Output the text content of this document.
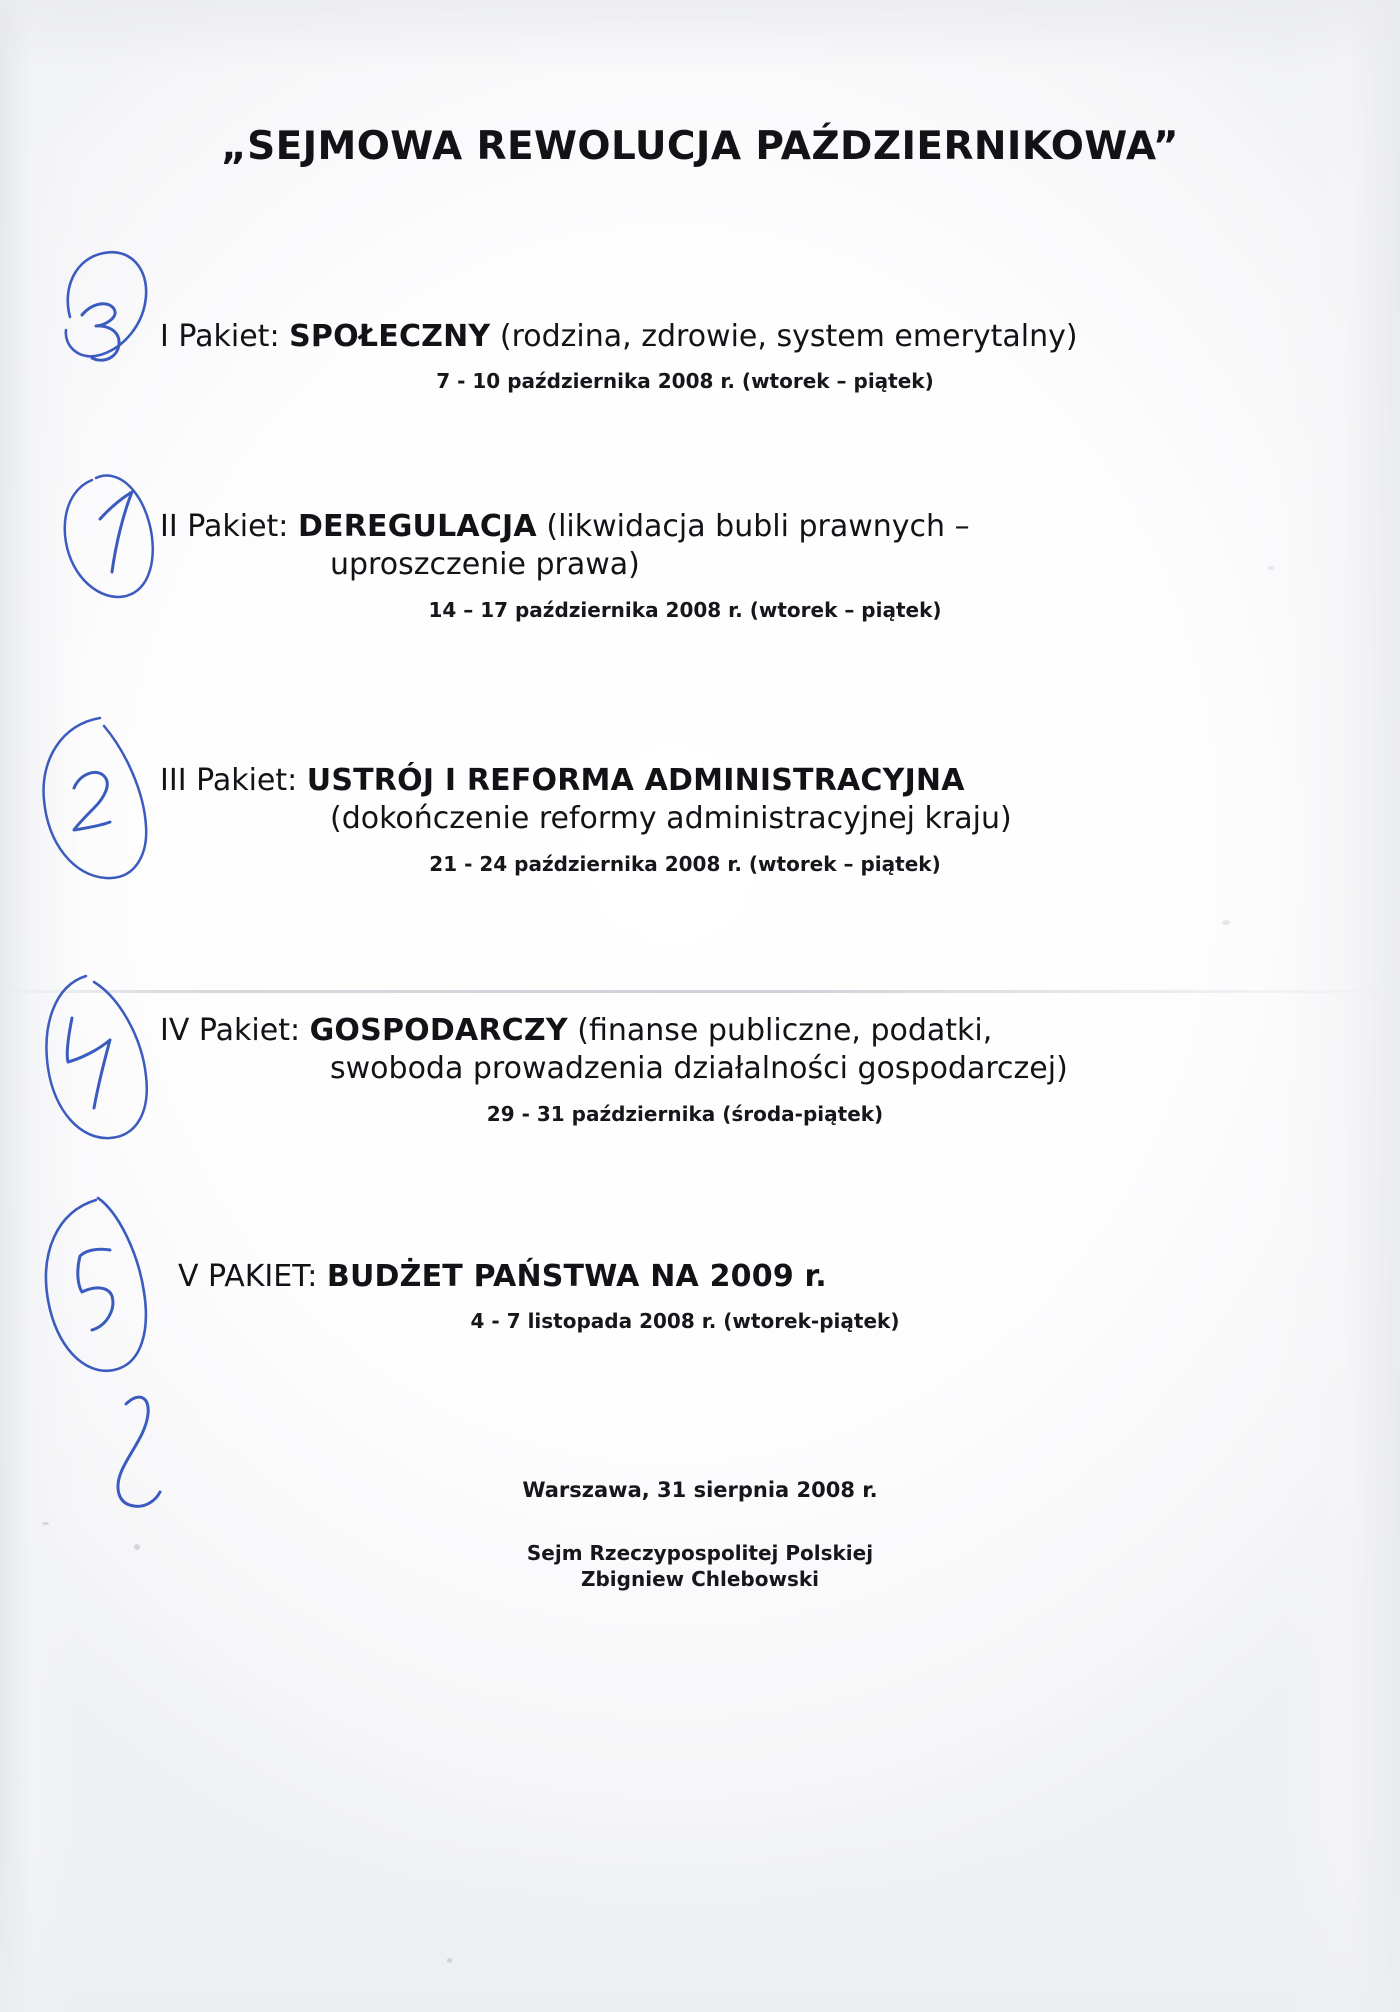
„SEJMOWA REWOLUCJA PAŹDZIERNIKOWA”
I Pakiet: SPOŁECZNY (rodzina, zdrowie, system emerytalny)
7 - 10 października 2008 r. (wtorek – piątek)
II Pakiet: DEREGULACJA (likwidacja bubli prawnych –
uproszczenie prawa)
14 – 17 października 2008 r. (wtorek – piątek)
III Pakiet: USTRÓJ I REFORMA ADMINISTRACYJNA
(dokończenie reformy administracyjnej kraju)
21 - 24 października 2008 r. (wtorek – piątek)
IV Pakiet: GOSPODARCZY (finanse publiczne, podatki,
swoboda prowadzenia działalności gospodarczej)
29 - 31 października (środa-piątek)
V PAKIET: BUDŻET PAŃSTWA NA 2009 r.
4 - 7 listopada 2008 r. (wtorek-piątek)
Warszawa, 31 sierpnia 2008 r.
Sejm Rzeczypospolitej Polskiej
Zbigniew Chlebowski
